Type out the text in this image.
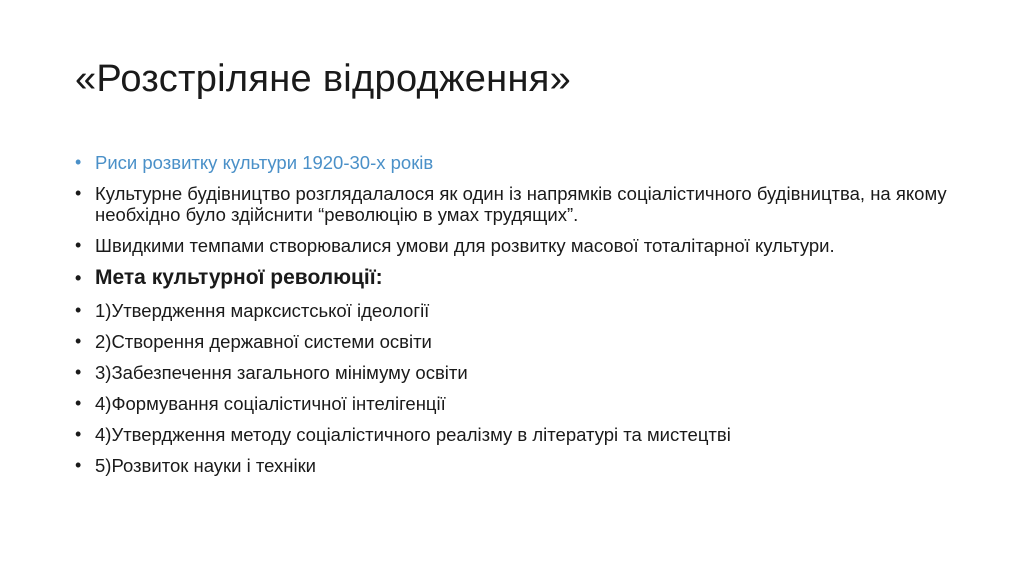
«Розстріляне відродження»
• Риси розвитку культури 1920-30-х років
• Культурне будівництво розглядалалося як один із напрямків соціалістичного будівництва, на якому необхідно було здійснити “революцію в умах трудящих”.
• Швидкими темпами створювалися умови для розвитку масової тоталітарної культури.
• Мета культурної революції:
• 1)Утвердження марксистської ідеології
• 2)Створення державної системи освіти
• 3)Забезпечення загального мінімуму освіти
• 4)Формування соціалістичної інтелігенції
• 4)Утвердження методу соціалістичного реалізму в літературі та мистецтві
• 5)Розвиток науки і техніки
